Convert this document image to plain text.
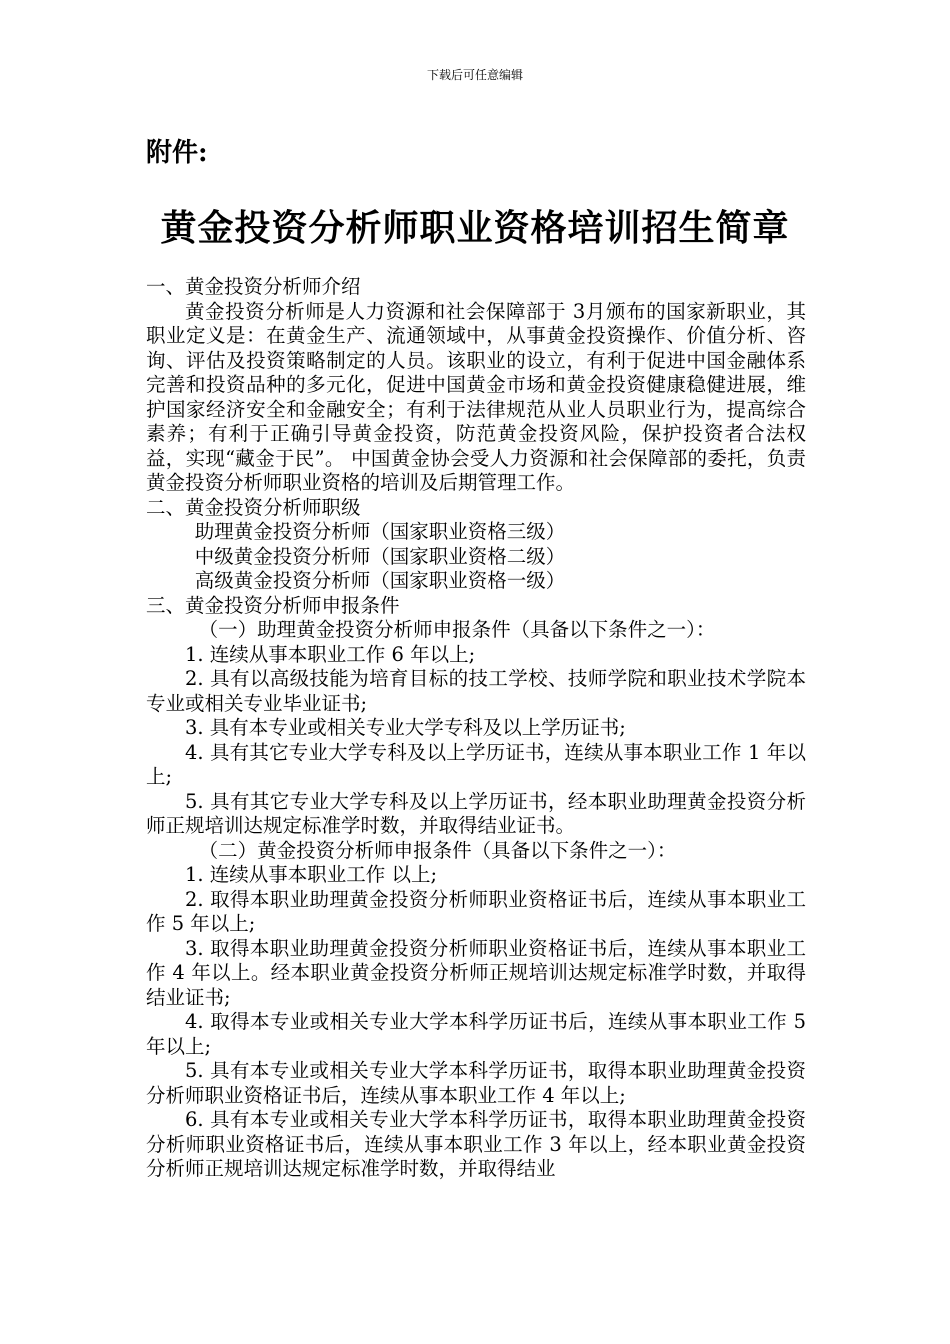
下载后可任意编辑
附件:
黄金投资分析师职业资格培训招生简章

一、黄金投资分析师介绍

黄金投资分析师是人力资源和社会保障部于 3月颁布的国家新职业，其职业定义是：在黄金生产、流通领域中，从事黄金投资操作、价值分析、咨询、评估及投资策略制定的人员。该职业的设立，有利于促进中国金融体系完善和投资品种的多元化，促进中国黄金市场和黄金投资健康稳健进展，维护国家经济安全和金融安全；有利于法律规范从业人员职业行为，提高综合素养；有利于正确引导黄金投资，防范黄金投资风险，保护投资者合法权益，实现“藏金于民”。 中国黄金协会受人力资源和社会保障部的委托，负责黄金投资分析师职业资格的培训及后期管理工作。

二、黄金投资分析师职级

助理黄金投资分析师（国家职业资格三级）

中级黄金投资分析师（国家职业资格二级）

高级黄金投资分析师（国家职业资格一级）

三、黄金投资分析师申报条件

（一）助理黄金投资分析师申报条件（具备以下条件之一）：

1. 连续从事本职业工作 6 年以上;

2. 具有以高级技能为培育目标的技工学校、技师学院和职业技术学院本专业或相关专业毕业证书;

3. 具有本专业或相关专业大学专科及以上学历证书;

4. 具有其它专业大学专科及以上学历证书，连续从事本职业工作 1 年以上;

5. 具有其它专业大学专科及以上学历证书，经本职业助理黄金投资分析师正规培训达规定标准学时数，并取得结业证书。

（二）黄金投资分析师申报条件（具备以下条件之一）：

1. 连续从事本职业工作 以上;

2. 取得本职业助理黄金投资分析师职业资格证书后，连续从事本职业工作 5 年以上;

3. 取得本职业助理黄金投资分析师职业资格证书后，连续从事本职业工作 4 年以上。经本职业黄金投资分析师正规培训达规定标准学时数，并取得结业证书;

4. 取得本专业或相关专业大学本科学历证书后，连续从事本职业工作 5 年以上;

5. 具有本专业或相关专业大学本科学历证书，取得本职业助理黄金投资分析师职业资格证书后，连续从事本职业工作 4 年以上;

6. 具有本专业或相关专业大学本科学历证书，取得本职业助理黄金投资分析师职业资格证书后，连续从事本职业工作 3 年以上，经本职业黄金投资分析师正规培训达规定标准学时数，并取得结业
